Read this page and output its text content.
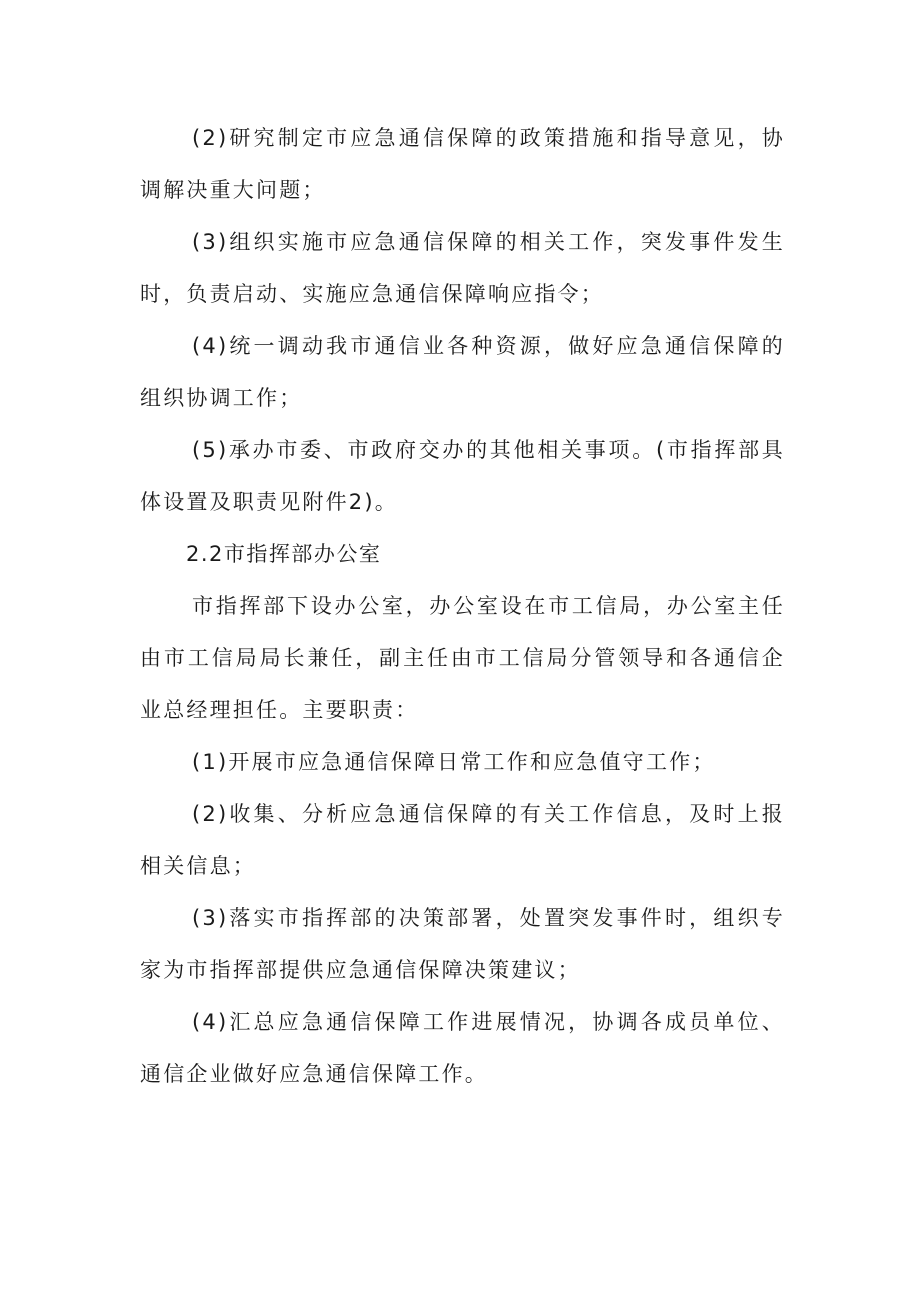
(2)研究制定市应急通信保障的政策措施和指导意见，协调解决重大问题；

(3)组织实施市应急通信保障的相关工作，突发事件发生时，负责启动、实施应急通信保障响应指令；

(4)统一调动我市通信业各种资源，做好应急通信保障的组织协调工作；

(5)承办市委、市政府交办的其他相关事项。(市指挥部具体设置及职责见附件2)。

2.2市指挥部办公室

市指挥部下设办公室，办公室设在市工信局，办公室主任由市工信局局长兼任，副主任由市工信局分管领导和各通信企业总经理担任。主要职责：

(1)开展市应急通信保障日常工作和应急值守工作；

(2)收集、分析应急通信保障的有关工作信息，及时上报相关信息；

(3)落实市指挥部的决策部署，处置突发事件时，组织专家为市指挥部提供应急通信保障决策建议；

(4)汇总应急通信保障工作进展情况，协调各成员单位、通信企业做好应急通信保障工作。
